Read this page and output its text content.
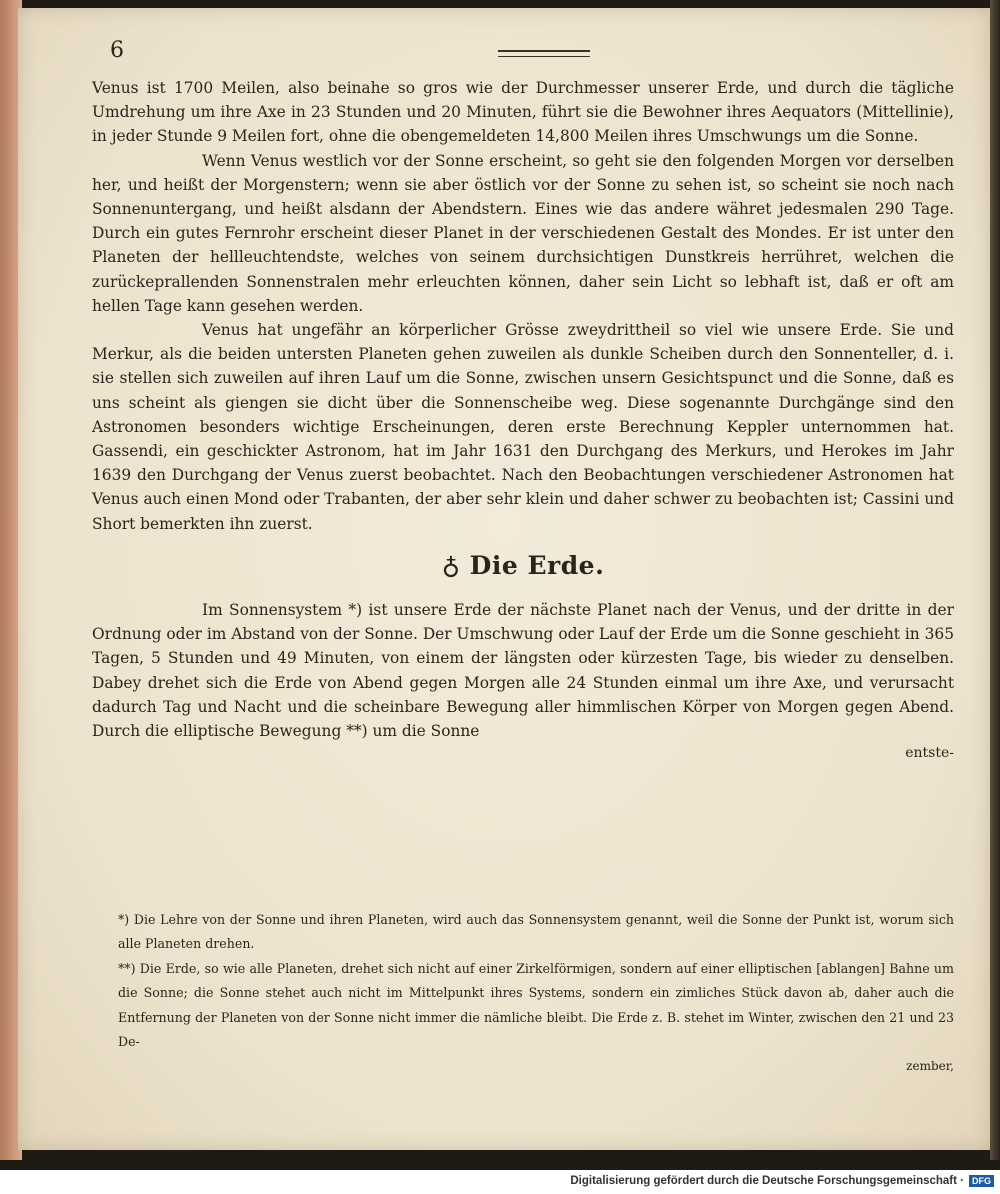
6

Venus ist 1700 Meilen, also beinahe so gros wie der Durchmesser unserer Erde, und durch die tägliche Umdrehung um ihre Axe in 23 Stunden und 20 Minuten, führt sie die Bewohner ihres Aequators (Mittellinie), in jeder Stunde 9 Meilen fort, ohne die obengemeldeten 14,800 Meilen ihres Umschwungs um die Sonne.

Wenn Venus westlich vor der Sonne erscheint, so geht sie den folgenden Morgen vor derselben her, und heißt der Morgenstern; wenn sie aber östlich vor der Sonne zu sehen ist, so scheint sie noch nach Sonnenuntergang, und heißt alsdann der Abendstern. Eines wie das andere währet jedesmalen 290 Tage. Durch ein gutes Fernrohr erscheint dieser Planet in der verschiedenen Gestalt des Mondes. Er ist unter den Planeten der hellleuchtendste, welches von seinem durchsichtigen Dunstkreis herrühret, welchen die zurückeprallenden Sonnenstralen mehr erleuchten können, daher sein Licht so lebhaft ist, daß er oft am hellen Tage kann gesehen werden.

Venus hat ungefähr an körperlicher Grösse zweydrittheil so viel wie unsere Erde. Sie und Merkur, als die beiden untersten Planeten gehen zuweilen als dunkle Scheiben durch den Sonnenteller, d. i. sie stellen sich zuweilen auf ihren Lauf um die Sonne, zwischen unsern Gesichtspunct und die Sonne, daß es uns scheint als giengen sie dicht über die Sonnenscheibe weg. Diese sogenannte Durchgänge sind den Astronomen besonders wichtige Erscheinungen, deren erste Berechnung Keppler unternommen hat. Gassendi, ein geschickter Astronom, hat im Jahr 1631 den Durchgang des Merkurs, und Herokes im Jahr 1639 den Durchgang der Venus zuerst beobachtet. Nach den Beobachtungen verschiedener Astronomen hat Venus auch einen Mond oder Trabanten, der aber sehr klein und daher schwer zu beobachten ist; Cassini und Short bemerkten ihn zuerst.

♁ Die Erde.

Im Sonnensystem *) ist unsere Erde der nächste Planet nach der Venus, und der dritte in der Ordnung oder im Abstand von der Sonne. Der Umschwung oder Lauf der Erde um die Sonne geschieht in 365 Tagen, 5 Stunden und 49 Minuten, von einem der längsten oder kürzesten Tage, bis wieder zu denselben. Dabey drehet sich die Erde von Abend gegen Morgen alle 24 Stunden einmal um ihre Axe, und verursacht dadurch Tag und Nacht und die scheinbare Bewegung aller himmlischen Körper von Morgen gegen Abend. Durch die elliptische Bewegung **) um die Sonne

entste-

*) Die Lehre von der Sonne und ihren Planeten, wird auch das Sonnensystem genannt, weil die Sonne der Punkt ist, worum sich alle Planeten drehen.

**) Die Erde, so wie alle Planeten, drehet sich nicht auf einer Zirkelförmigen, sondern auf einer elliptischen [ablangen] Bahne um die Sonne; die Sonne stehet auch nicht im Mittelpunkt ihres Systems, sondern ein zimliches Stück davon ab, daher auch die Entfernung der Planeten von der Sonne nicht immer die nämliche bleibt. Die Erde z. B. stehet im Winter, zwischen den 21 und 23 De-

zember,
Digitalisierung gefördert durch die Deutsche Forschungsgemeinschaft · DFG
